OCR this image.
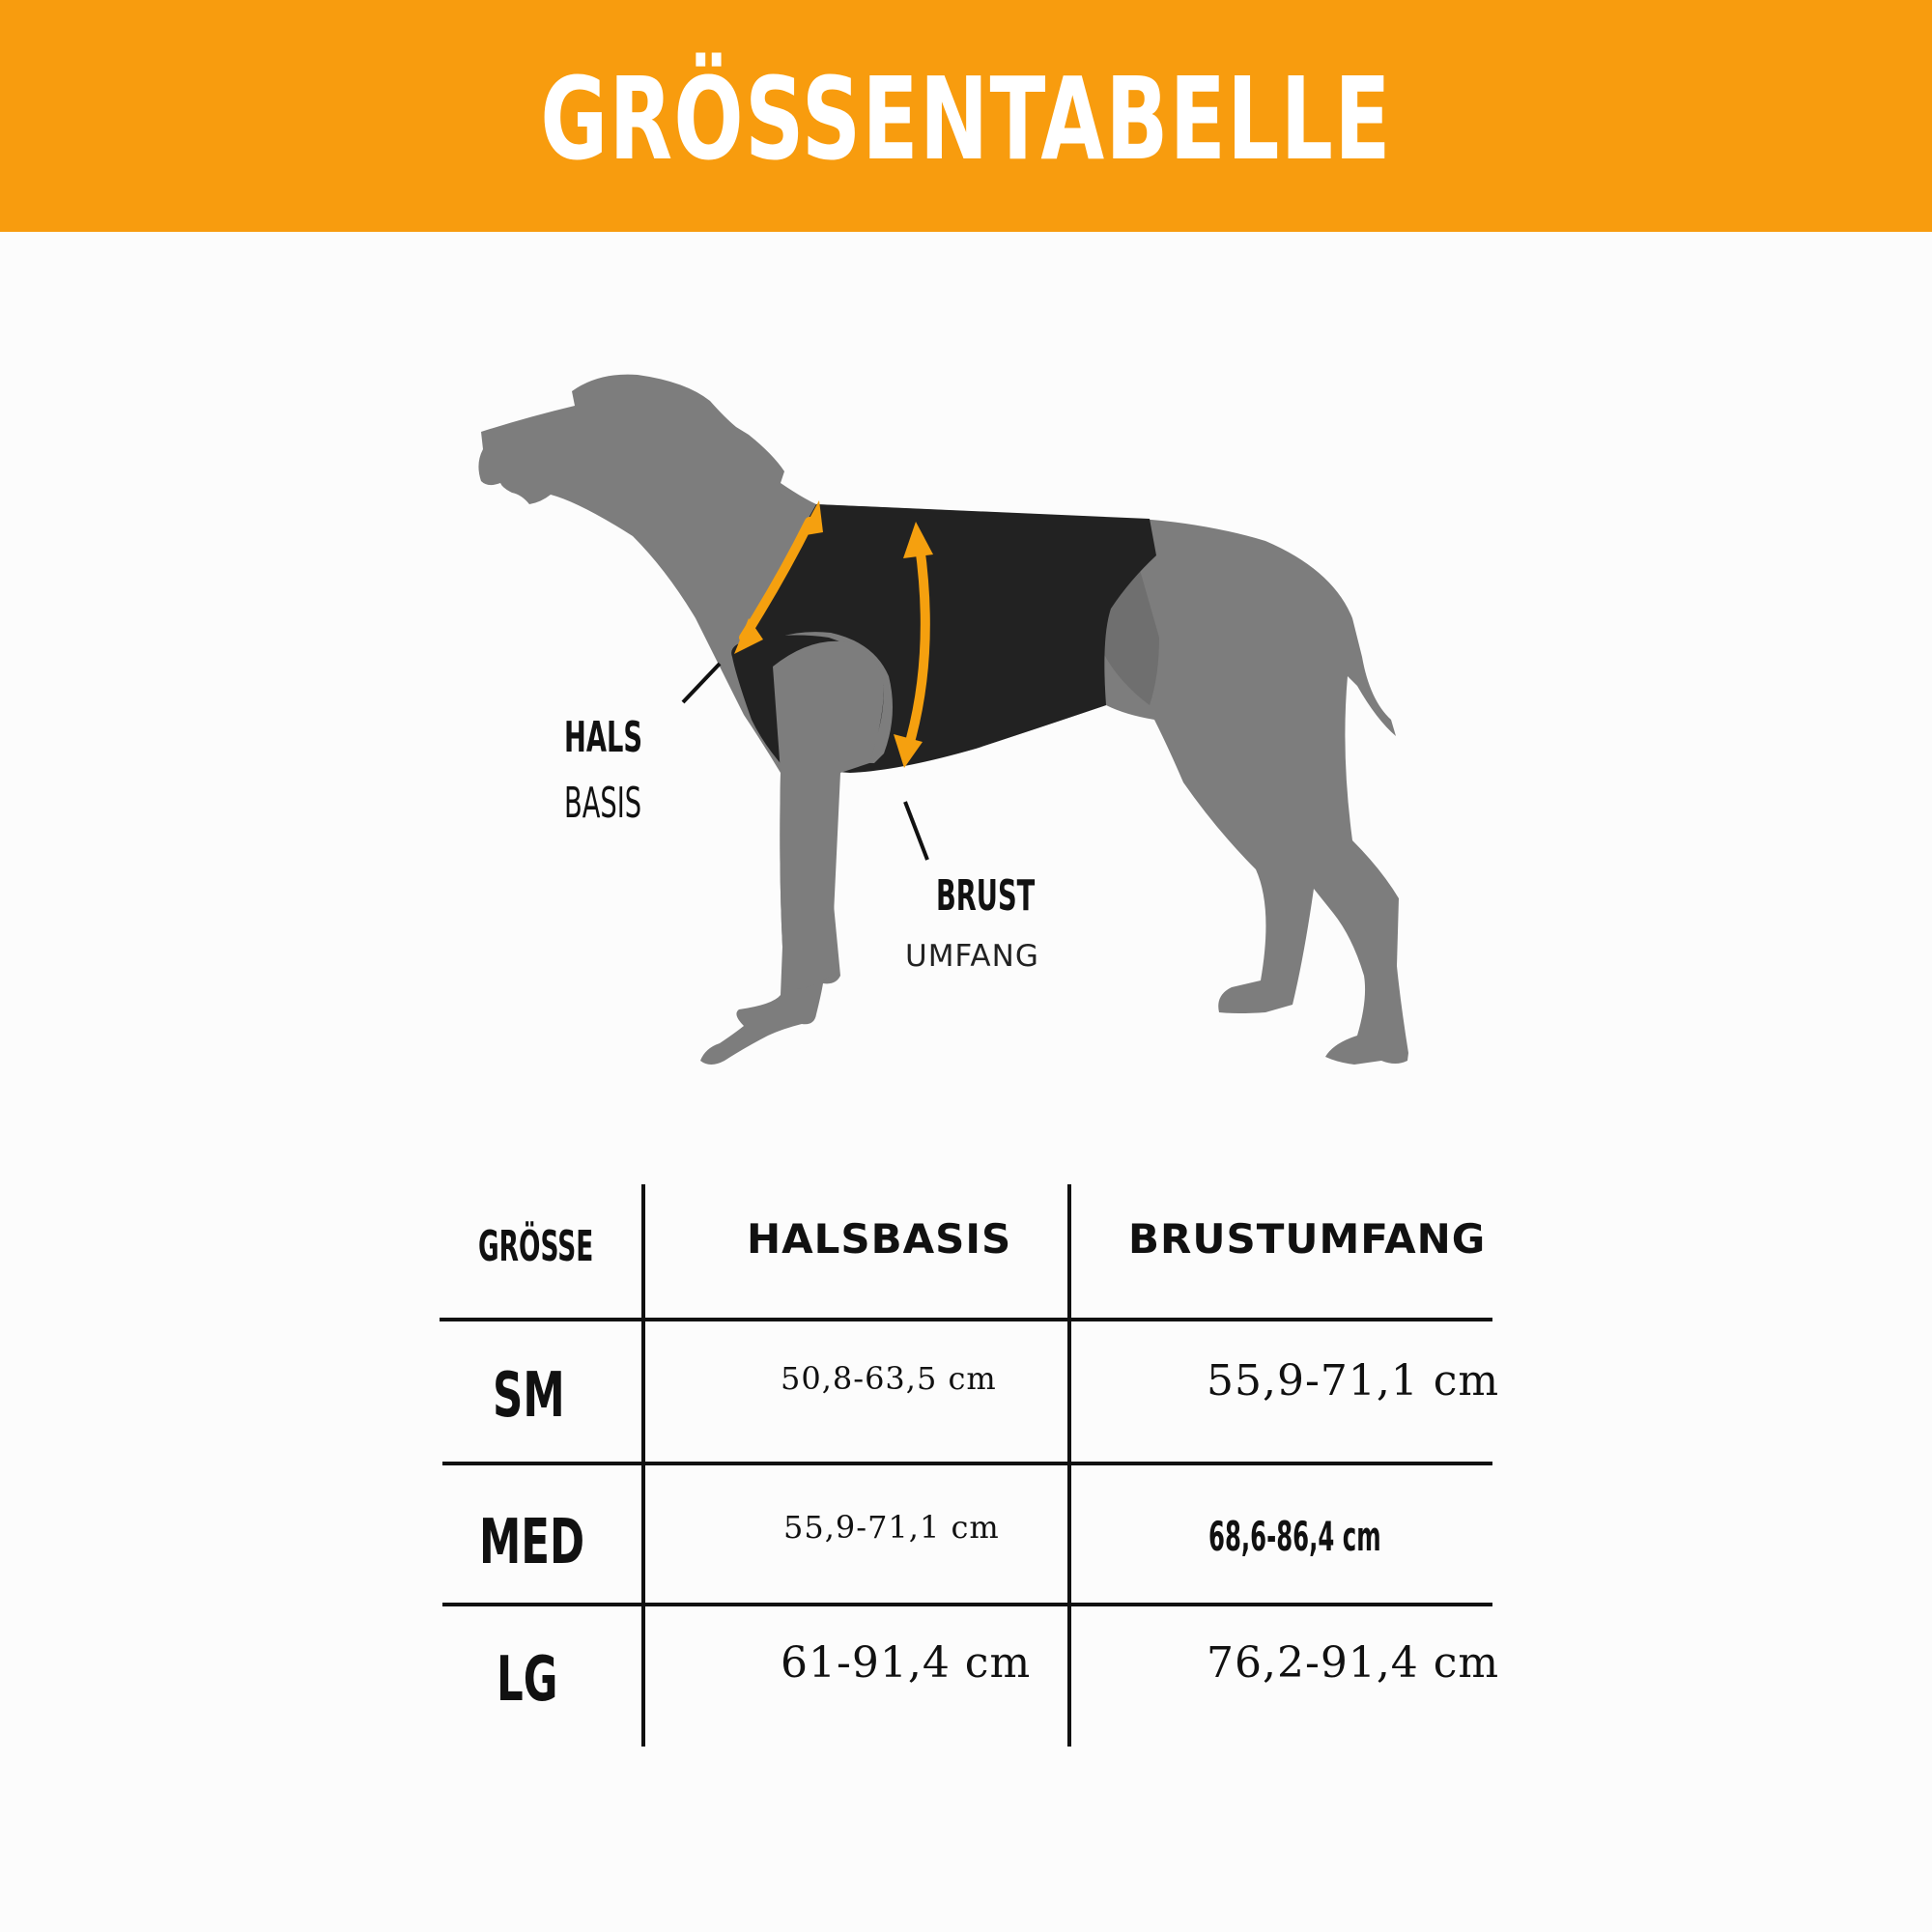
GRÖSSENTABELLE
HALS
BASIS
BRUST
UMFANG
GRÖSSE	HALSBASIS	BRUSTUMFANG
SM	50,8-63,5 cm	55,9-71,1 cm
MED	55,9-71,1 cm	68,6-86,4 cm
LG	61-91,4 cm	76,2-91,4 cm
